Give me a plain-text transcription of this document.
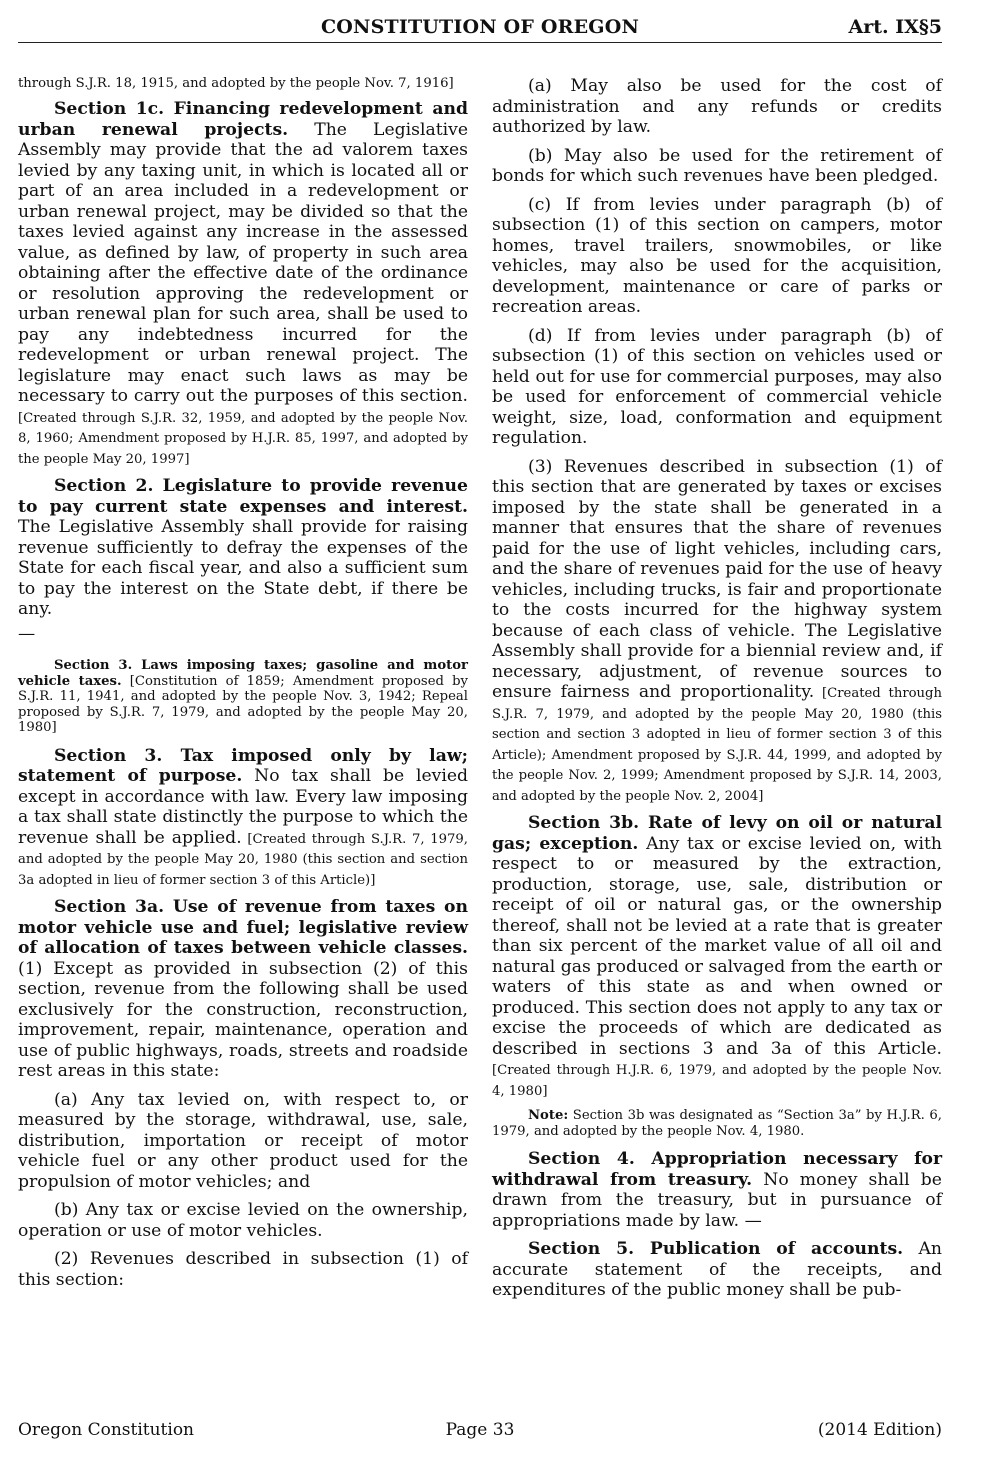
CONSTITUTION OF OREGON	Art. IX§5

through S.J.R. 18, 1915, and adopted by the people Nov. 7, 1916]

Section 1c. Financing redevelopment and urban renewal projects. The Legislative Assembly may provide that the ad valorem taxes levied by any taxing unit, in which is located all or part of an area included in a redevelopment or urban renewal project, may be divided so that the taxes levied against any increase in the assessed value, as defined by law, of property in such area obtaining after the effective date of the ordinance or resolution approving the redevelopment or urban renewal plan for such area, shall be used to pay any indebtedness incurred for the redevelopment or urban renewal project. The legislature may enact such laws as may be necessary to carry out the purposes of this section. [Created through S.J.R. 32, 1959, and adopted by the people Nov. 8, 1960; Amendment proposed by H.J.R. 85, 1997, and adopted by the people May 20, 1997]

Section 2. Legislature to provide revenue to pay current state expenses and interest. The Legislative Assembly shall provide for raising revenue sufficiently to defray the expenses of the State for each fiscal year, and also a sufficient sum to pay the interest on the State debt, if there be any.

—

Section 3. Laws imposing taxes; gasoline and motor vehicle taxes. [Constitution of 1859; Amendment proposed by S.J.R. 11, 1941, and adopted by the people Nov. 3, 1942; Repeal proposed by S.J.R. 7, 1979, and adopted by the people May 20, 1980]

Section 3. Tax imposed only by law; statement of purpose. No tax shall be levied except in accordance with law. Every law imposing a tax shall state distinctly the purpose to which the revenue shall be applied. [Created through S.J.R. 7, 1979, and adopted by the people May 20, 1980 (this section and section 3a adopted in lieu of former section 3 of this Article)]

Section 3a. Use of revenue from taxes on motor vehicle use and fuel; legislative review of allocation of taxes between vehicle classes. (1) Except as provided in subsection (2) of this section, revenue from the following shall be used exclusively for the construction, reconstruction, improvement, repair, maintenance, operation and use of public highways, roads, streets and roadside rest areas in this state:

(a) Any tax levied on, with respect to, or measured by the storage, withdrawal, use, sale, distribution, importation or receipt of motor vehicle fuel or any other product used for the propulsion of motor vehicles; and

(b) Any tax or excise levied on the ownership, operation or use of motor vehicles.

(2) Revenues described in subsection (1) of this section:

(a) May also be used for the cost of administration and any refunds or credits authorized by law.

(b) May also be used for the retirement of bonds for which such revenues have been pledged.

(c) If from levies under paragraph (b) of subsection (1) of this section on campers, motor homes, travel trailers, snowmobiles, or like vehicles, may also be used for the acquisition, development, maintenance or care of parks or recreation areas.

(d) If from levies under paragraph (b) of subsection (1) of this section on vehicles used or held out for use for commercial purposes, may also be used for enforcement of commercial vehicle weight, size, load, conformation and equipment regulation.

(3) Revenues described in subsection (1) of this section that are generated by taxes or excises imposed by the state shall be generated in a manner that ensures that the share of revenues paid for the use of light vehicles, including cars, and the share of revenues paid for the use of heavy vehicles, including trucks, is fair and proportionate to the costs incurred for the highway system because of each class of vehicle. The Legislative Assembly shall provide for a biennial review and, if necessary, adjustment, of revenue sources to ensure fairness and proportionality. [Created through S.J.R. 7, 1979, and adopted by the people May 20, 1980 (this section and section 3 adopted in lieu of former section 3 of this Article); Amendment proposed by S.J.R. 44, 1999, and adopted by the people Nov. 2, 1999; Amendment proposed by S.J.R. 14, 2003, and adopted by the people Nov. 2, 2004]

Section 3b. Rate of levy on oil or natural gas; exception. Any tax or excise levied on, with respect to or measured by the extraction, production, storage, use, sale, distribution or receipt of oil or natural gas, or the ownership thereof, shall not be levied at a rate that is greater than six percent of the market value of all oil and natural gas produced or salvaged from the earth or waters of this state as and when owned or produced. This section does not apply to any tax or excise the proceeds of which are dedicated as described in sections 3 and 3a of this Article. [Created through H.J.R. 6, 1979, and adopted by the people Nov. 4, 1980]

Note: Section 3b was designated as “Section 3a” by H.J.R. 6, 1979, and adopted by the people Nov. 4, 1980.

Section 4. Appropriation necessary for withdrawal from treasury. No money shall be drawn from the treasury, but in pursuance of appropriations made by law. —

Section 5. Publication of accounts. An accurate statement of the receipts, and expenditures of the public money shall be pub-

Oregon Constitution	Page 33	(2014 Edition)
